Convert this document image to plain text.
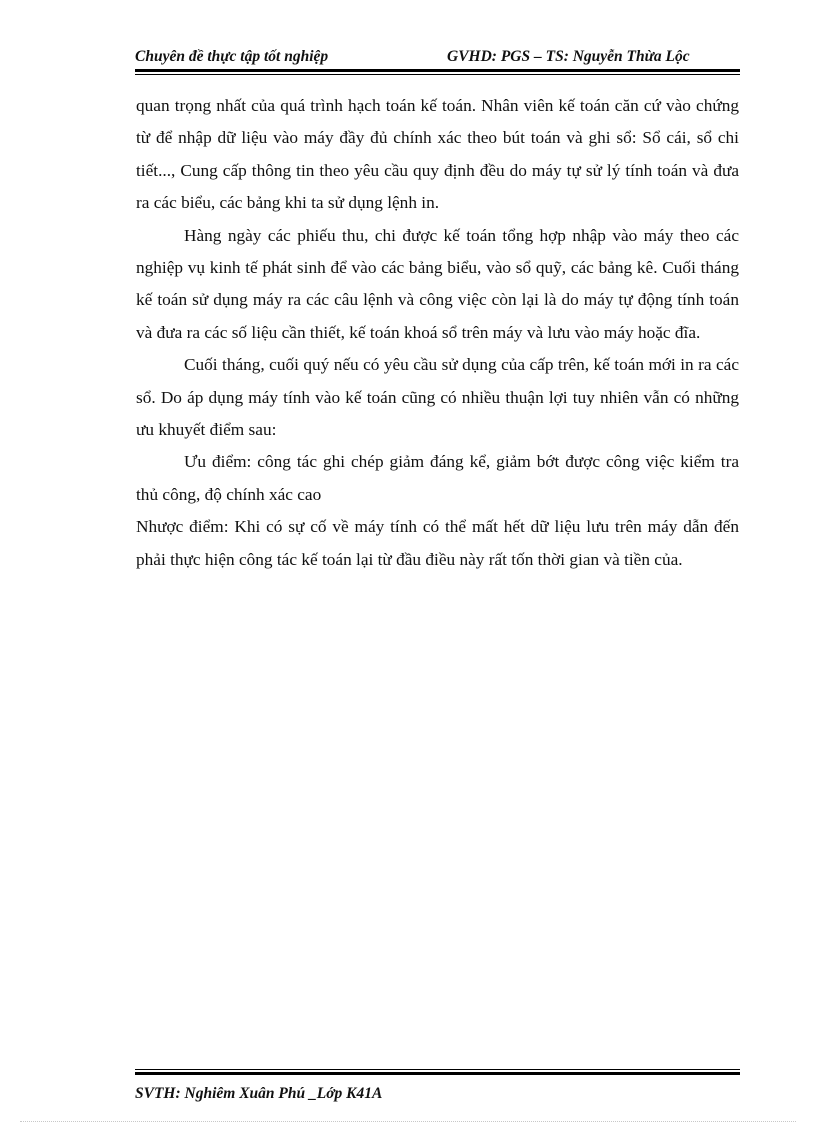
Chuyên đề thực tập tốt nghiệp	GVHD: PGS – TS: Nguyễn Thừa Lộc

quan trọng nhất của quá trình hạch toán kế toán. Nhân viên kế toán căn cứ vào chứng từ để nhập dữ liệu vào máy đầy đủ chính xác theo bút toán và ghi sổ: Sổ cái, sổ chi tiết..., Cung cấp thông tin theo yêu cầu quy định đều do máy tự sử lý tính toán và đưa ra các biểu, các bảng khi ta sử dụng lệnh in.

Hàng ngày các phiếu thu, chi được kế toán tổng hợp nhập vào máy theo các nghiệp vụ kinh tế phát sinh để vào các bảng biểu, vào sổ quỹ, các bảng kê. Cuối tháng kế toán sử dụng máy ra các câu lệnh và công việc còn lại là do máy tự động tính toán và đưa ra các số liệu cần thiết, kế toán khoá sổ trên máy và lưu vào máy hoặc đĩa.

Cuối tháng, cuối quý nếu có yêu cầu sử dụng của cấp trên, kế toán mới in ra các sổ. Do áp dụng máy tính vào kế toán cũng có nhiều thuận lợi tuy nhiên vẫn có những ưu khuyết điểm sau:

Ưu điểm: công tác ghi chép giảm đáng kể, giảm bớt được công việc kiểm tra thủ công, độ chính xác cao

Nhược điểm: Khi có sự cố về máy tính có thể mất hết dữ liệu lưu trên máy dẫn đến phải thực hiện công tác kế toán lại từ đầu điều này rất tốn thời gian và tiền của.

SVTH: Nghiêm Xuân Phú _Lớp K41A
